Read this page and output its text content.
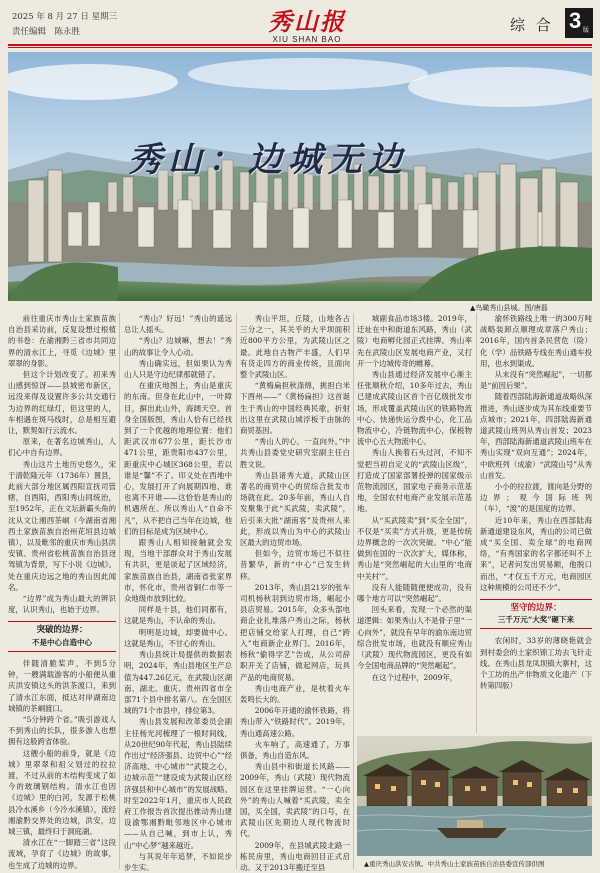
2025 年 8 月 27 日 星期三
责任编辑　陈永胜	秀山报
XIU SHAN BAO
综 合 3 版
秀山：边城无边
▲鸟瞰秀山县城。图/唐磊

前往重庆市秀山土家族苗族自治县采访前，反复设想过根植的书卷：在渝湘黔三省市共同边界的清水江上，寻觅《边城》里翠翠的身影。

但这个计划改变了。初来秀山感到惊讶——县城密布新区，远没来得及设置许多公共交通行为边界的红绿灯，但这里的人，车相遇在斑马线时，总是相互避让，默契如行云流水。

原来，在著名边城秀山，人们心中自有边界。

秀山这片土地历史悠久，宋于清乾隆元年（1736年）置县，此前大部分地区属西阳宣抚司管辖，自酉阳，西阳秀山同统治，至1952年，正在文坛新霸头角的沈从文让湘西茶峒（今湖南省湘西土家族苗族自治州花垣县边城镇），以及毗邻的重庆市秀山县洪安镇、贵州省松桃苗族自治县迓驾镇为背景，写下小说《边城》。处在重庆边远之地的秀山因此闻名。

“边界”成为秀山最大的辨识度，认识秀山，也始于边界。

突破的边界：
不是中心自造中心

伴随清脆桨声，不到5分钟，一艘满载游客的小船便从重庆洪安镇这头的洪茶渡口，来到了清水江东面，抵达对岸湖南边城镇的茶峒渡口。

“5分钟跨个省。”吸引游戏人不到秀山的长队，很多游人也想拥有这般跨省体验。

这艘小船的前身，就是《边城》里翠翠和祖父划过的拉拉渡，不过从前的木结构变成了如今的玻璃钢结构。清水江也因《边城》里的白河，发源于松桃县冷水溪乡（今冷水溪镇），流经湘渝黔交界处的边城，洪安，边城三镇，最终归于洞庭湖。

清水江在“一脚踏三省”这段流域，孕育了《边城》的故事，也生成了边城的边界。

“秀山？好远！”秀山的遥远总让人摇头。

“秀山？边城嘛，想去！”秀山的故事让令人心动。

秀山确实远，但如果认为秀山人只是守边纪律那就错了。

在重庆地图上，秀山是重庆的东南。但身在此山中，一叶障目，摒出此山外，海阔天空。首身全国版图，秀山人恰有已经找到了一个优越的地理位置：他们距武汉市677公里，距长沙市471公里，距贵阳市437公里，距重庆中心城区368公里，若以谁是“馨”不了。印义处在西地中心，发展打开了向展期四地、谁也离不开谁——这恰恰是秀山的机遇所在。所以秀山人“自命不凡”，从不把自己当年在边城，他们的目标是成为区域中心。

跟秀山人相知接触就会发现，当地干部群众对于秀山发展有共识，更是谈起了区域经济，家族苗族自治县，湖南省张家界市，怀化市，贵州省铜仁市等一众地级市放到比较。

同样是十县，他们同都有，这就是秀山，不认命的秀山。

明明是边城，却要做中心。这就是秀山，不甘心的秀山。

秀山县统计局提供的数据表明，2024年，秀山县地区生产总值为447.26亿元，在武陵山区湖南、湖北、重庆、贵州四省市全部71个县中排名第八。在全国区域的71个市县中，排位第3。

秀山县发展和改革委员会副主任杨光河梳理了一根时间线，从20世纪90年代起，秀山县陆续作出过“经济强县、边贸中心”“经济高地、中心城市”“武陵之心，边城示范”“建设成为武陵山区经济强县和中心城市”的发展战略。时至2022年1月，重庆市人民政府工作报告首次提出推动秀山建设渝鄂湘黔毗邻地区中心城市——从自己喊，到市上认，秀山“中心梦”越来越近。

与其说年年追梦，不如说步步生实。

秀山平坦，丘陵，山地各占三分之一，其关乎的大平坝面积近800平方公里，为武陵山区之最。此地自古物产丰盛，人们早有货走四方的商业传统，且面向整个武陵山区。

“黄梅扁担秋涤绵，挑担白米下酉州——”《黄杨扁担》这首诞生于秀山的中国经典民歌，折射出这里在武陵山城浮板于由脉的商贸基因。

“秀山人的心，一直向外。”中共秀山县委党史研究室副主任白胜文说。

秀山县诸秀大道，武陵山区著名的商贸中心的贸综合批发市场就在此。20多年前，秀山人自发聚集于此“买武陵，卖武陵”，后引来大批“湖南客”及贵州人来此，形成以秀山为中心的武陵山区最大的边贸市场。

但如今，边贸市场已不似往昔繁华，新的“中心”已发生转移。

2013年，秀山县21岁的张车司机杨秋羽到边贸市场，崛起小县店贸易。2015年，众多头部电商企业扎堆落户秀山之际，杨秋把店铺交给家人打理，自己“跨入”电商新企业界门。2016年，杨秋“偷得学艺”告成，从公司辞职开关了店铺，做起网店，玩具产品的电商贸易。

秀山电商产业，是枕着火车轰鸣长大的。

2006年开通的渝怀铁路，将秀山带入“铁路时代”。2019年，秀山通高速公路。

火车响了，高速通了，万事俱备，秀山自造东风。

秀山县中和街道长风路——2009年，秀山（武陵）现代物流园区在这里挂牌运营。“一心向外”的秀山人喊着“买武陵，卖全国，买全国，卖武陵”的口号，在武陵山区先期边人现代物流时代。

2009年，在县城武陵北路一栋民房里，秀山电商回目正式启动。又于2013年搬迁至县

城副食品市场3楼。2019年，迁址在中和街道东风路，秀山（武陵）电商孵化园正式挂牌。秀山率先在武陵山区发展电商产业，又打开一个边城传奇的帷幕。

秀山县通过经济发展中心渐主任张顺秋介绍，10多年过去，秀山已建成武陵山区首个百亿级批发市场，形成覆盖武陵山区的铁路物流中心、快递快运分拨中心，化工品物流中心，冷链物流中心，保税物流中心五大物流中心。

秀山人换着石头过河，不知不觉把当初自定义的“武陵山区级”，打造成了国家部署投弹的国家级示范物流园区，国家电子商务示范基地，全国农村电商产业发展示范基地。

从“买武陵卖”到“买全全国”，不仅是“买卖”方式升级，更是传统边界概念的一次次突破。“中心”能做到在国的一次次扩大，媒体称，秀山是“突然崛起的大山里的‘电商中关村’”。

没有人能随随便便成功，没有哪个地方可以“突然崛起”。

回头来看，发现一个必然的渠道逻辑：如果秀山人不是骨子里“一心向外”，就没有早年的渝东南边贸综合批发市场，也就没有顺应秀山（武陵）现代物流园区，更没有如今全国电商品牌的“突然崛起”。

在这个过程中，2009年，

渝怀铁路线上唯一的300万吨战略装卸点顺理成章落户秀山；2016年，国内首条民营危（险）化（学）品铁路专线在秀山通车投用，也水到渠成。

从未没有“突然崛起”，一切都是“前因后果”。

随着西部陆海新通道战略纵深推进，秀山逐步成为其东线重要节点城市；2021年，四部陆海新通道武陵山班列从秀山首发；2023年，西部陆海新通道武陵山班车在秀山实现“双向互通”；2024年，中欧班列（成渝）“武陵山号”从秀山首发。

小小的拉拉渡，渡向是分野的边界；观今国际班列（车），“渡”的是国度的边界。

近10年来，秀山在西部陆海新通道建设东风，秀山的公司已做成“买全国、卖全球”的电商网络，“有秀国家的名字都还叫不上来”，记者问发出贸易额，他脱口而出，“才仅五千万元，电商园区这种规模的公司还不少”。

坚守的边界：
三千万元“大奖”砸下来

农闲时，33岁的薄晓艳就会到村委会的土家织锦工坊去飞针走线。在秀山县龙凤坝镇大寨村，这个工坊的出产非物质文化遗产（下转第四版）

▲重庆秀山洪安古镇。中共秀山土家族苗族自治县委宣传部供图
